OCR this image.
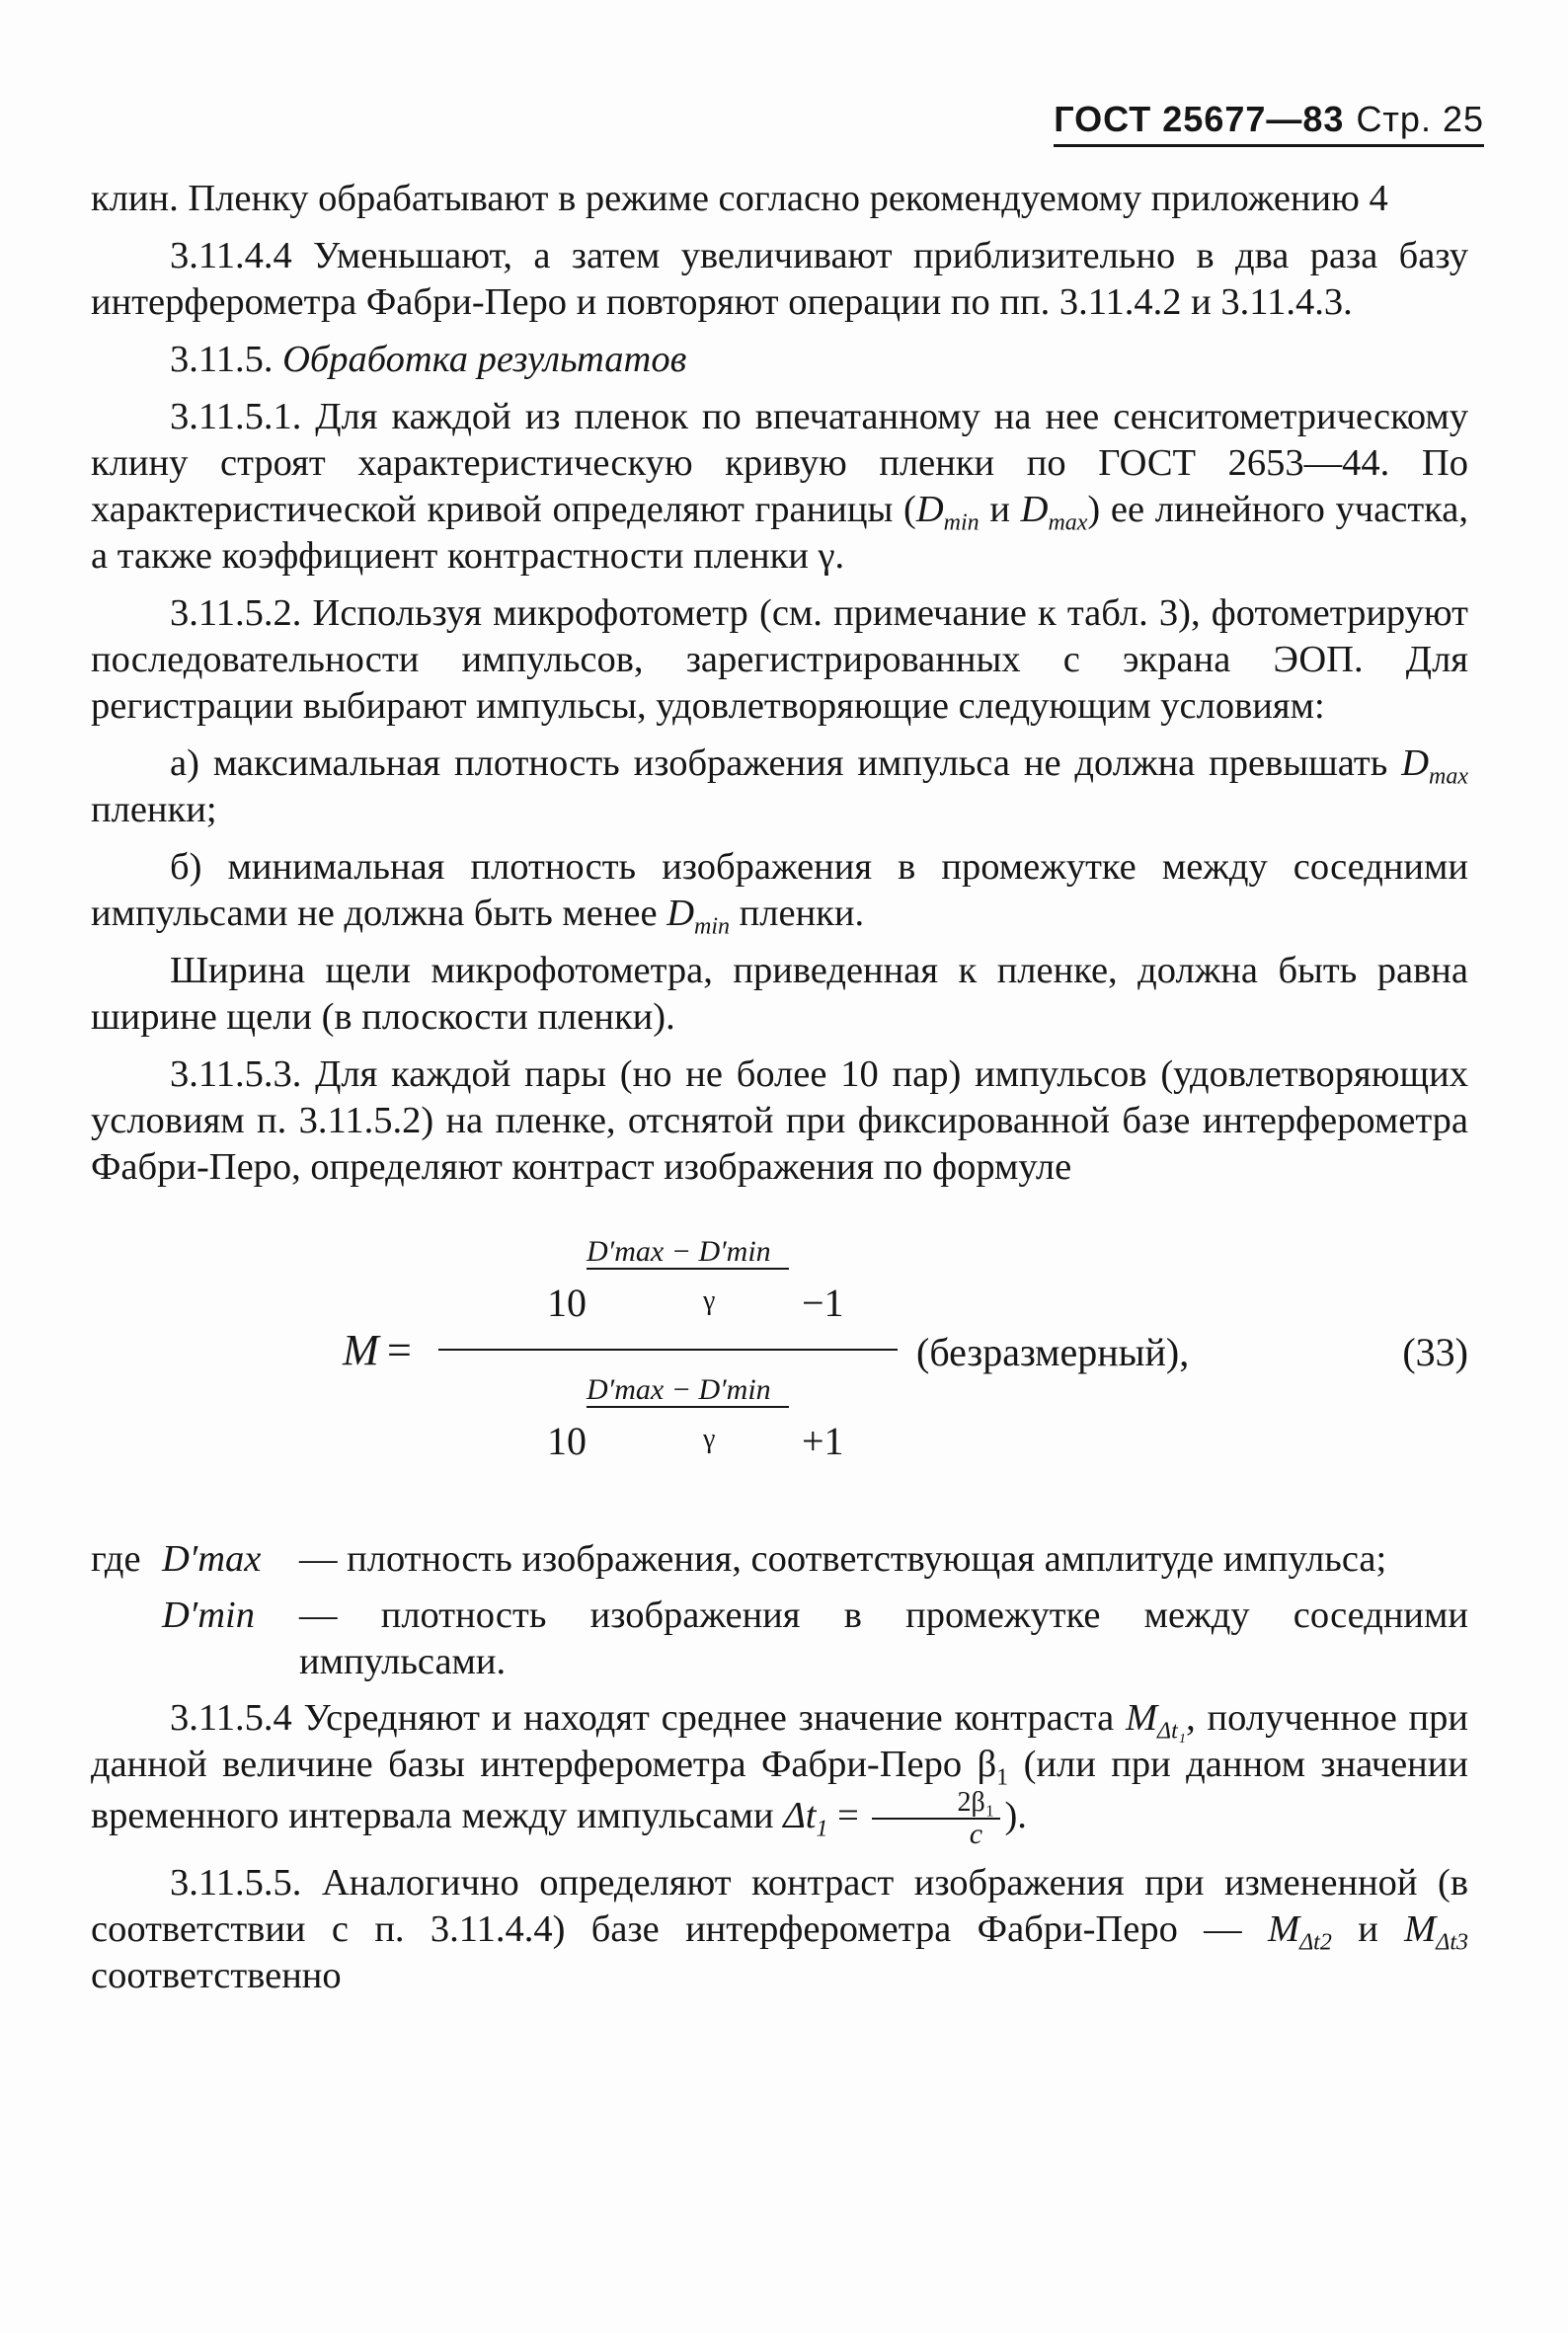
ГОСТ 25677—83 Стр. 25

клин. Пленку обрабатывают в режиме согласно рекомендуемому приложению 4

3.11.4.4 Уменьшают, а затем увеличивают приблизительно в два раза базу интерферометра Фабри-Перо и повторяют операции по пп. 3.11.4.2 и 3.11.4.3.

3.11.5. Обработка результатов

3.11.5.1. Для каждой из пленок по впечатанному на нее сенситометрическому клину строят характеристическую кривую пленки по ГОСТ 2653—44. По характеристической кривой определяют границы ($D_{min}$ и $D_{max}$) ее линейного участка, а также коэффициент контрастности пленки γ.

3.11.5.2. Используя микрофотометр (см. примечание к табл. 3), фотометрируют последовательности импульсов, зарегистрированных с экрана ЭОП. Для регистрации выбирают импульсы, удовлетворяющие следующим условиям:

а) максимальная плотность изображения импульса не должна превышать $D_{max}$ пленки;

б) минимальная плотность изображения в промежутке между соседними импульсами не должна быть менее $D_{min}$ пленки.

Ширина щели микрофотометра, приведенная к пленке, должна быть равна ширине щели (в плоскости пленки).

3.11.5.3. Для каждой пары (но не более 10 пар) импульсов (удовлетворяющих условиям п. 3.11.5.2) на пленке, отснятой при фиксированной базе интерферометра Фабри-Перо, определяют контраст изображения по формуле

M =
D′max − D′min
10	γ −1
D′max − D′min
10	γ +1
(безразмерный),	(33)
где D′max — плотность изображения, соответствующая амплитуде импульса;
D′min — плотность изображения в промежутке между соседними импульсами.

3.11.5.4 Усредняют и находят среднее значение контраста $M_{\Delta t_1}$, полученное при данной величине базы интерферометра Фабри-Перо $\beta_1$ (или при данном значении временного интервала между импульсами $\Delta t_1 = \frac{\text{2β₁}}{c}$ ).

3.11.5.5. Аналогично определяют контраст изображения при измененной (в соответствии с п. 3.11.4.4) базе интерферометра Фабри-Перо — $M_{\Delta t2}$ и $M_{\Delta t3}$ соответственно
